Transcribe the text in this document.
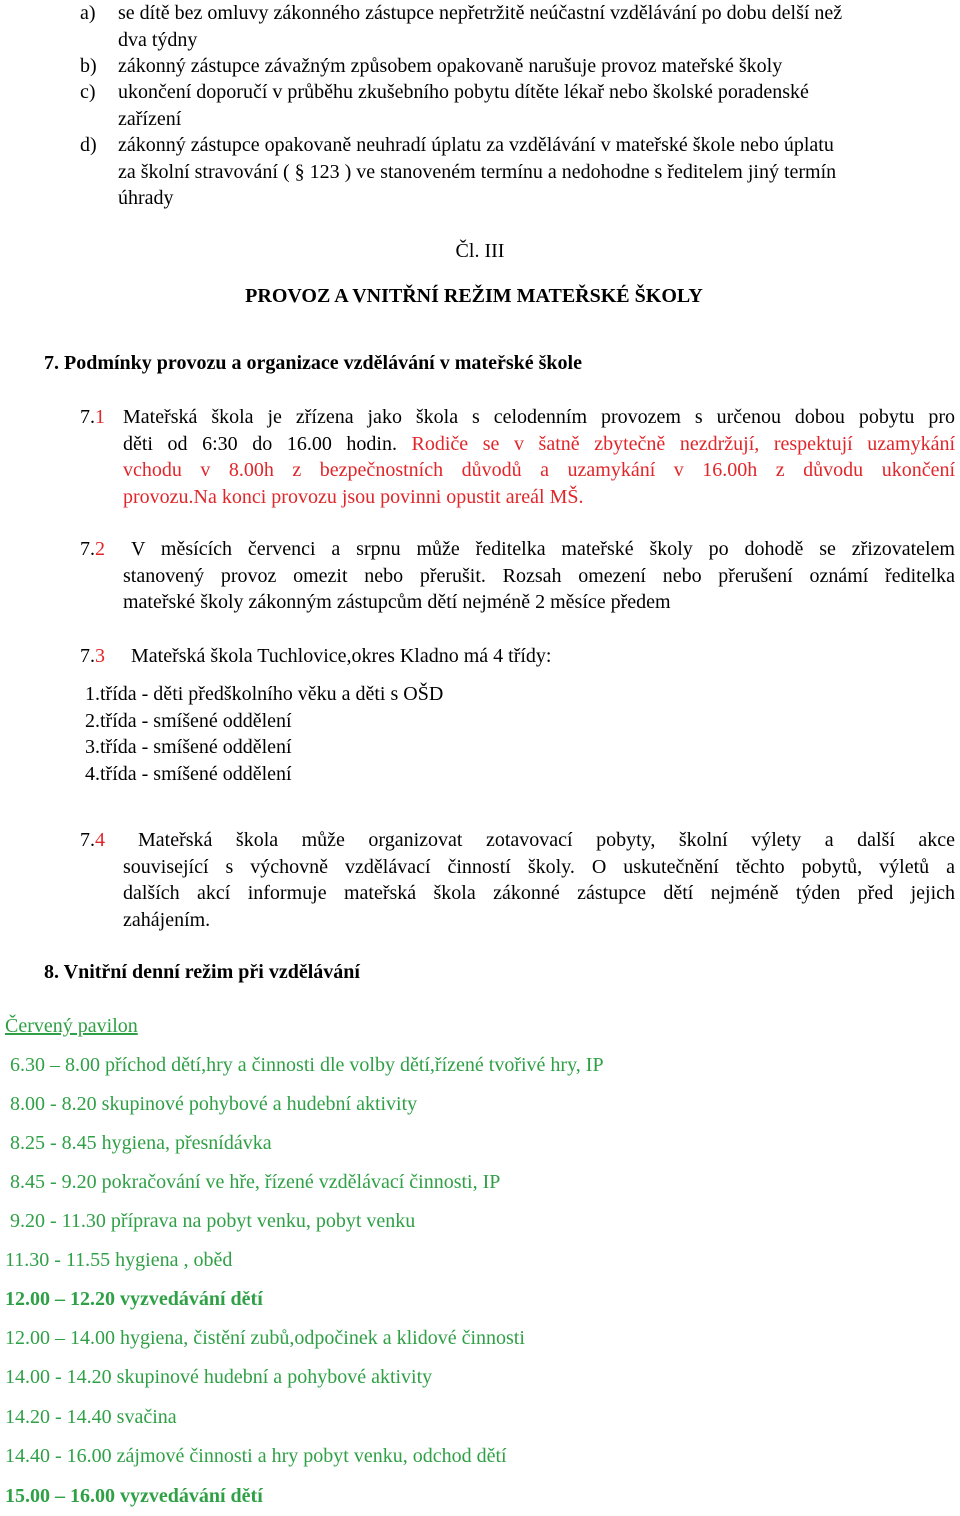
a) se dítě bez omluvy zákonného zástupce nepřetržitě neúčastní vzdělávání po dobu delší než
dva týdny
b) zákonný zástupce závažným způsobem opakovaně narušuje provoz mateřské školy
c) ukončení doporučí v průběhu zkušebního pobytu dítěte lékař nebo školské poradenské
zařízení
d) zákonný zástupce opakovaně neuhradí úplatu za vzdělávání v mateřské škole nebo úplatu
za školní stravování ( § 123 ) ve stanoveném termínu a nedohodne s ředitelem jiný termín
úhrady
Čl. III
PROVOZ A VNITŘNÍ REŽIM MATEŘSKÉ ŠKOLY
7. Podmínky provozu a organizace vzdělávání v mateřské škole
7.1 Mateřská škola je zřízena jako škola s celodenním provozem s určenou dobou pobytu pro
děti od 6:30 do 16.00 hodin. Rodiče se v šatně zbytečně nezdržují, respektují uzamykání
vchodu v 8.00h z bezpečnostních důvodů a uzamykání v 16.00h z důvodu ukončení
provozu.Na konci provozu jsou povinni opustit areál MŠ.
7.2	V měsících červenci a srpnu může ředitelka mateřské školy po dohodě se zřizovatelem
stanovený provoz omezit nebo přerušit. Rozsah omezení nebo přerušení oznámí ředitelka
mateřské školy zákonným zástupcům dětí nejméně 2 měsíce předem
7.3 Mateřská škola Tuchlovice,okres Kladno má 4 třídy:
1.třída - děti předškolního věku a děti s OŠD
2.třída - smíšené oddělení
3.třída - smíšené oddělení
4.třída - smíšené oddělení
7.4	Mateřská škola může organizovat zotavovací pobyty, školní výlety a další akce
související s výchovně vzdělávací činností školy. O uskutečnění těchto pobytů, výletů a
dalších akcí informuje mateřská škola zákonné zástupce dětí nejméně týden před jejich
zahájením.
8. Vnitřní denní režim při vzdělávání
Červený pavilon
6.30 – 8.00 příchod dětí,hry a činnosti dle volby dětí,řízené tvořivé hry, IP
8.00 - 8.20 skupinové pohybové a hudební aktivity
8.25 - 8.45 hygiena, přesnídávka
8.45 - 9.20 pokračování ve hře, řízené vzdělávací činnosti, IP
9.20 - 11.30 příprava na pobyt venku, pobyt venku
11.30 - 11.55 hygiena , oběd
12.00 – 12.20 vyzvedávání dětí
12.00 – 14.00 hygiena, čistění zubů,odpočinek a klidové činnosti
14.00 - 14.20 skupinové hudební a pohybové aktivity
14.20 - 14.40 svačina
14.40 - 16.00 zájmové činnosti a hry pobyt venku, odchod dětí
15.00 – 16.00 vyzvedávání dětí
